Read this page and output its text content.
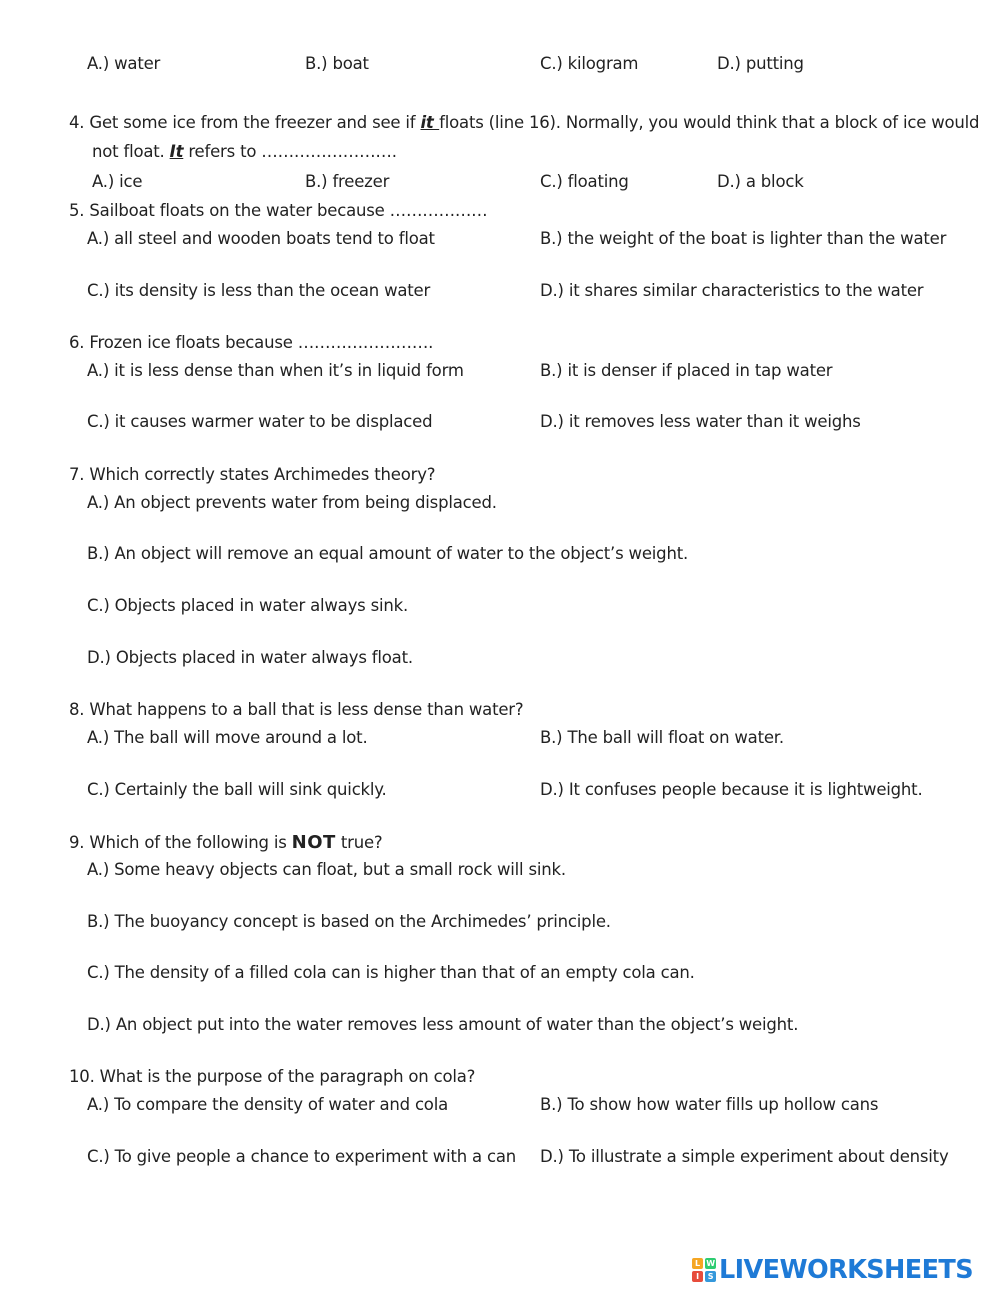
A.) water	B.) boat	C.) kilogram	D.) putting
4. Get some ice from the freezer and see if it floats (line 16). Normally, you would think that a block of ice would
not float. It refers to …………………….
A.) ice	B.) freezer	C.) floating	D.) a block
5. Sailboat floats on the water because ………………
A.) all steel and wooden boats tend to float	B.) the weight of the boat is lighter than the water
C.) its density is less than the ocean water	D.) it shares similar characteristics to the water
6. Frozen ice floats because …………………….
A.) it is less dense than when it’s in liquid form	B.) it is denser if placed in tap water
C.) it causes warmer water to be displaced	D.) it removes less water than it weighs
7. Which correctly states Archimedes theory?
A.) An object prevents water from being displaced.
B.) An object will remove an equal amount of water to the object’s weight.
C.) Objects placed in water always sink.
D.) Objects placed in water always float.
8. What happens to a ball that is less dense than water?
A.) The ball will move around a lot.	B.) The ball will float on water.
C.) Certainly the ball will sink quickly.	D.) It confuses people because it is lightweight.
9. Which of the following is NOT true?
A.) Some heavy objects can float, but a small rock will sink.
B.) The buoyancy concept is based on the Archimedes’ principle.
C.) The density of a filled cola can is higher than that of an empty cola can.
D.) An object put into the water removes less amount of water than the object’s weight.
10. What is the purpose of the paragraph on cola?
A.) To compare the density of water and cola	B.) To show how water fills up hollow cans
C.) To give people a chance to experiment with a can D.) To illustrate a simple experiment about density
L W
I	S LIVEWORKSHEETS
